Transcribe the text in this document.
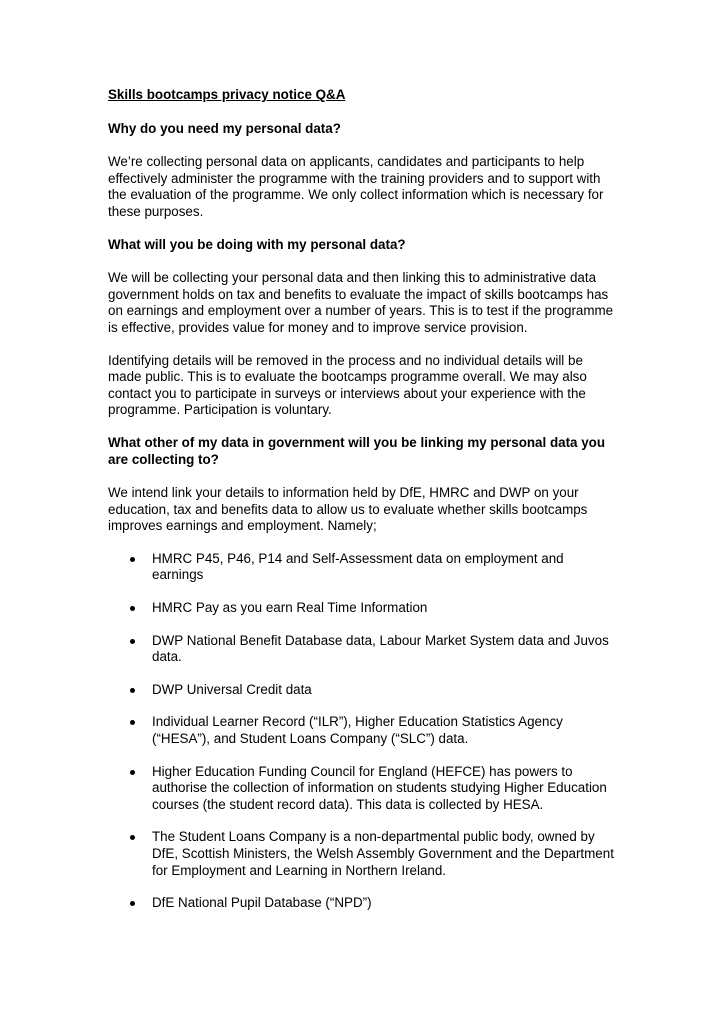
Skills bootcamps privacy notice Q&A
Why do you need my personal data?
We’re collecting personal data on applicants, candidates and participants to help effectively administer the programme with the training providers and to support with the evaluation of the programme. We only collect information which is necessary for these purposes.
What will you be doing with my personal data?
We will be collecting your personal data and then linking this to administrative data government holds on tax and benefits to evaluate the impact of skills bootcamps has on earnings and employment over a number of years. This is to test if the programme is effective, provides value for money and to improve service provision.
Identifying details will be removed in the process and no individual details will be made public. This is to evaluate the bootcamps programme overall. We may also contact you to participate in surveys or interviews about your experience with the programme. Participation is voluntary.
What other of my data in government will you be linking my personal data you are collecting to?
We intend link your details to information held by DfE, HMRC and DWP on your education, tax and benefits data to allow us to evaluate whether skills bootcamps improves earnings and employment. Namely;
HMRC P45, P46, P14 and Self-Assessment data on employment and earnings
HMRC Pay as you earn Real Time Information
DWP National Benefit Database data, Labour Market System data and Juvos data.
DWP Universal Credit data
Individual Learner Record (“ILR”), Higher Education Statistics Agency (“HESA”), and Student Loans Company (“SLC”) data.
Higher Education Funding Council for England (HEFCE) has powers to authorise the collection of information on students studying Higher Education courses (the student record data). This data is collected by HESA.
The Student Loans Company is a non-departmental public body, owned by DfE, Scottish Ministers, the Welsh Assembly Government and the Department for Employment and Learning in Northern Ireland.
DfE National Pupil Database (“NPD”)
